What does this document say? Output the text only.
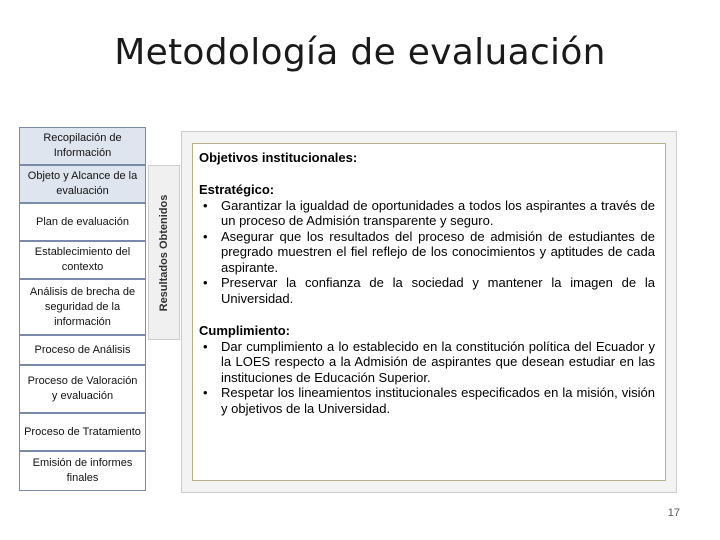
Metodología de evaluación
Recopilación de Información
Objeto y Alcance de la evaluación
Plan de evaluación
Establecimiento del contexto
Análisis de brecha de seguridad de la información
Proceso de Análisis
Proceso de Valoración y evaluación
Proceso de Tratamiento
Emisión de informes finales
Resultados Obtenidos
Objetivos institucionales:
Estratégico:
• Garantizar la igualdad de oportunidades a todos los aspirantes a través de un proceso de Admisión transparente y seguro.
• Asegurar que los resultados del proceso de admisión de estudiantes de pregrado muestren el fiel reflejo de los conocimientos y aptitudes de cada aspirante.
• Preservar la confianza de la sociedad y mantener la imagen de la Universidad.
Cumplimiento:
• Dar cumplimiento a lo establecido en la constitución política del Ecuador y la LOES respecto a la Admisión de aspirantes que desean estudiar en las instituciones de Educación Superior.
• Respetar los lineamientos institucionales especificados en la misión, visión y objetivos de la Universidad.
17
